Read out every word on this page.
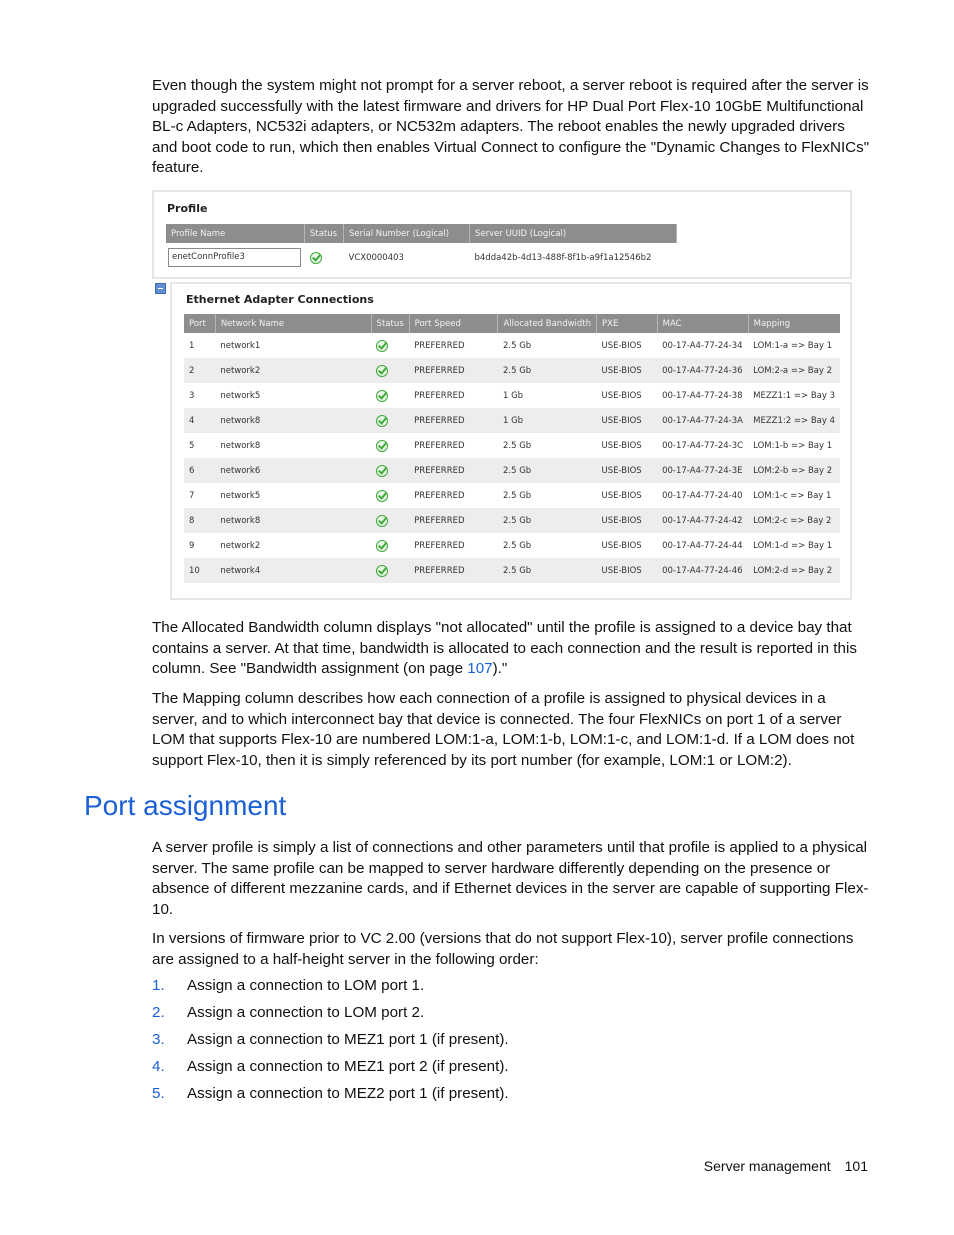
Even though the system might not prompt for a server reboot, a server reboot is required after the server is upgraded successfully with the latest firmware and drivers for HP Dual Port Flex-10 10GbE Multifunctional BL-c Adapters, NC532i adapters, or NC532m adapters. The reboot enables the newly upgraded drivers and boot code to run, which then enables Virtual Connect to configure the "Dynamic Changes to FlexNICs" feature.

Profile
Profile Name	Status	Serial Number (Logical)	Server UUID (Logical)
enetConnProfile3		VCX0000403	b4dda42b-4d13-488f-8f1b-a9f1a12546b2
Ethernet Adapter Connections
Port	Network Name	Status	Port Speed	Allocated Bandwidth	PXE	MAC	Mapping
1	network1		PREFERRED	2.5 Gb	USE-BIOS	00-17-A4-77-24-34	LOM:1-a => Bay 1
2	network2		PREFERRED	2.5 Gb	USE-BIOS	00-17-A4-77-24-36	LOM:2-a => Bay 2
3	network5		PREFERRED	1 Gb	USE-BIOS	00-17-A4-77-24-38	MEZZ1:1 => Bay 3
4	network8		PREFERRED	1 Gb	USE-BIOS	00-17-A4-77-24-3A	MEZZ1:2 => Bay 4
5	network8		PREFERRED	2.5 Gb	USE-BIOS	00-17-A4-77-24-3C	LOM:1-b => Bay 1
6	network6		PREFERRED	2.5 Gb	USE-BIOS	00-17-A4-77-24-3E	LOM:2-b => Bay 2
7	network5		PREFERRED	2.5 Gb	USE-BIOS	00-17-A4-77-24-40	LOM:1-c => Bay 1
8	network8		PREFERRED	2.5 Gb	USE-BIOS	00-17-A4-77-24-42	LOM:2-c => Bay 2
9	network2		PREFERRED	2.5 Gb	USE-BIOS	00-17-A4-77-24-44	LOM:1-d => Bay 1
10	network4		PREFERRED	2.5 Gb	USE-BIOS	00-17-A4-77-24-46	LOM:2-d => Bay 2

The Allocated Bandwidth column displays "not allocated" until the profile is assigned to a device bay that contains a server. At that time, bandwidth is allocated to each connection and the result is reported in this column. See "Bandwidth assignment (on page 107)."

The Mapping column describes how each connection of a profile is assigned to physical devices in a server, and to which interconnect bay that device is connected. The four FlexNICs on port 1 of a server LOM that supports Flex-10 are numbered LOM:1-a, LOM:1-b, LOM:1-c, and LOM:1-d. If a LOM does not support Flex-10, then it is simply referenced by its port number (for example, LOM:1 or LOM:2).

Port assignment

A server profile is simply a list of connections and other parameters until that profile is applied to a physical server. The same profile can be mapped to server hardware differently depending on the presence or absence of different mezzanine cards, and if Ethernet devices in the server are capable of supporting Flex-10.

In versions of firmware prior to VC 2.00 (versions that do not support Flex-10), server profile connections are assigned to a half-height server in the following order:

1.	Assign a connection to LOM port 1.
2.	Assign a connection to LOM port 2.
3.	Assign a connection to MEZ1 port 1 (if present).
4.	Assign a connection to MEZ1 port 2 (if present).
5.	Assign a connection to MEZ2 port 1 (if present).
Server management 101
